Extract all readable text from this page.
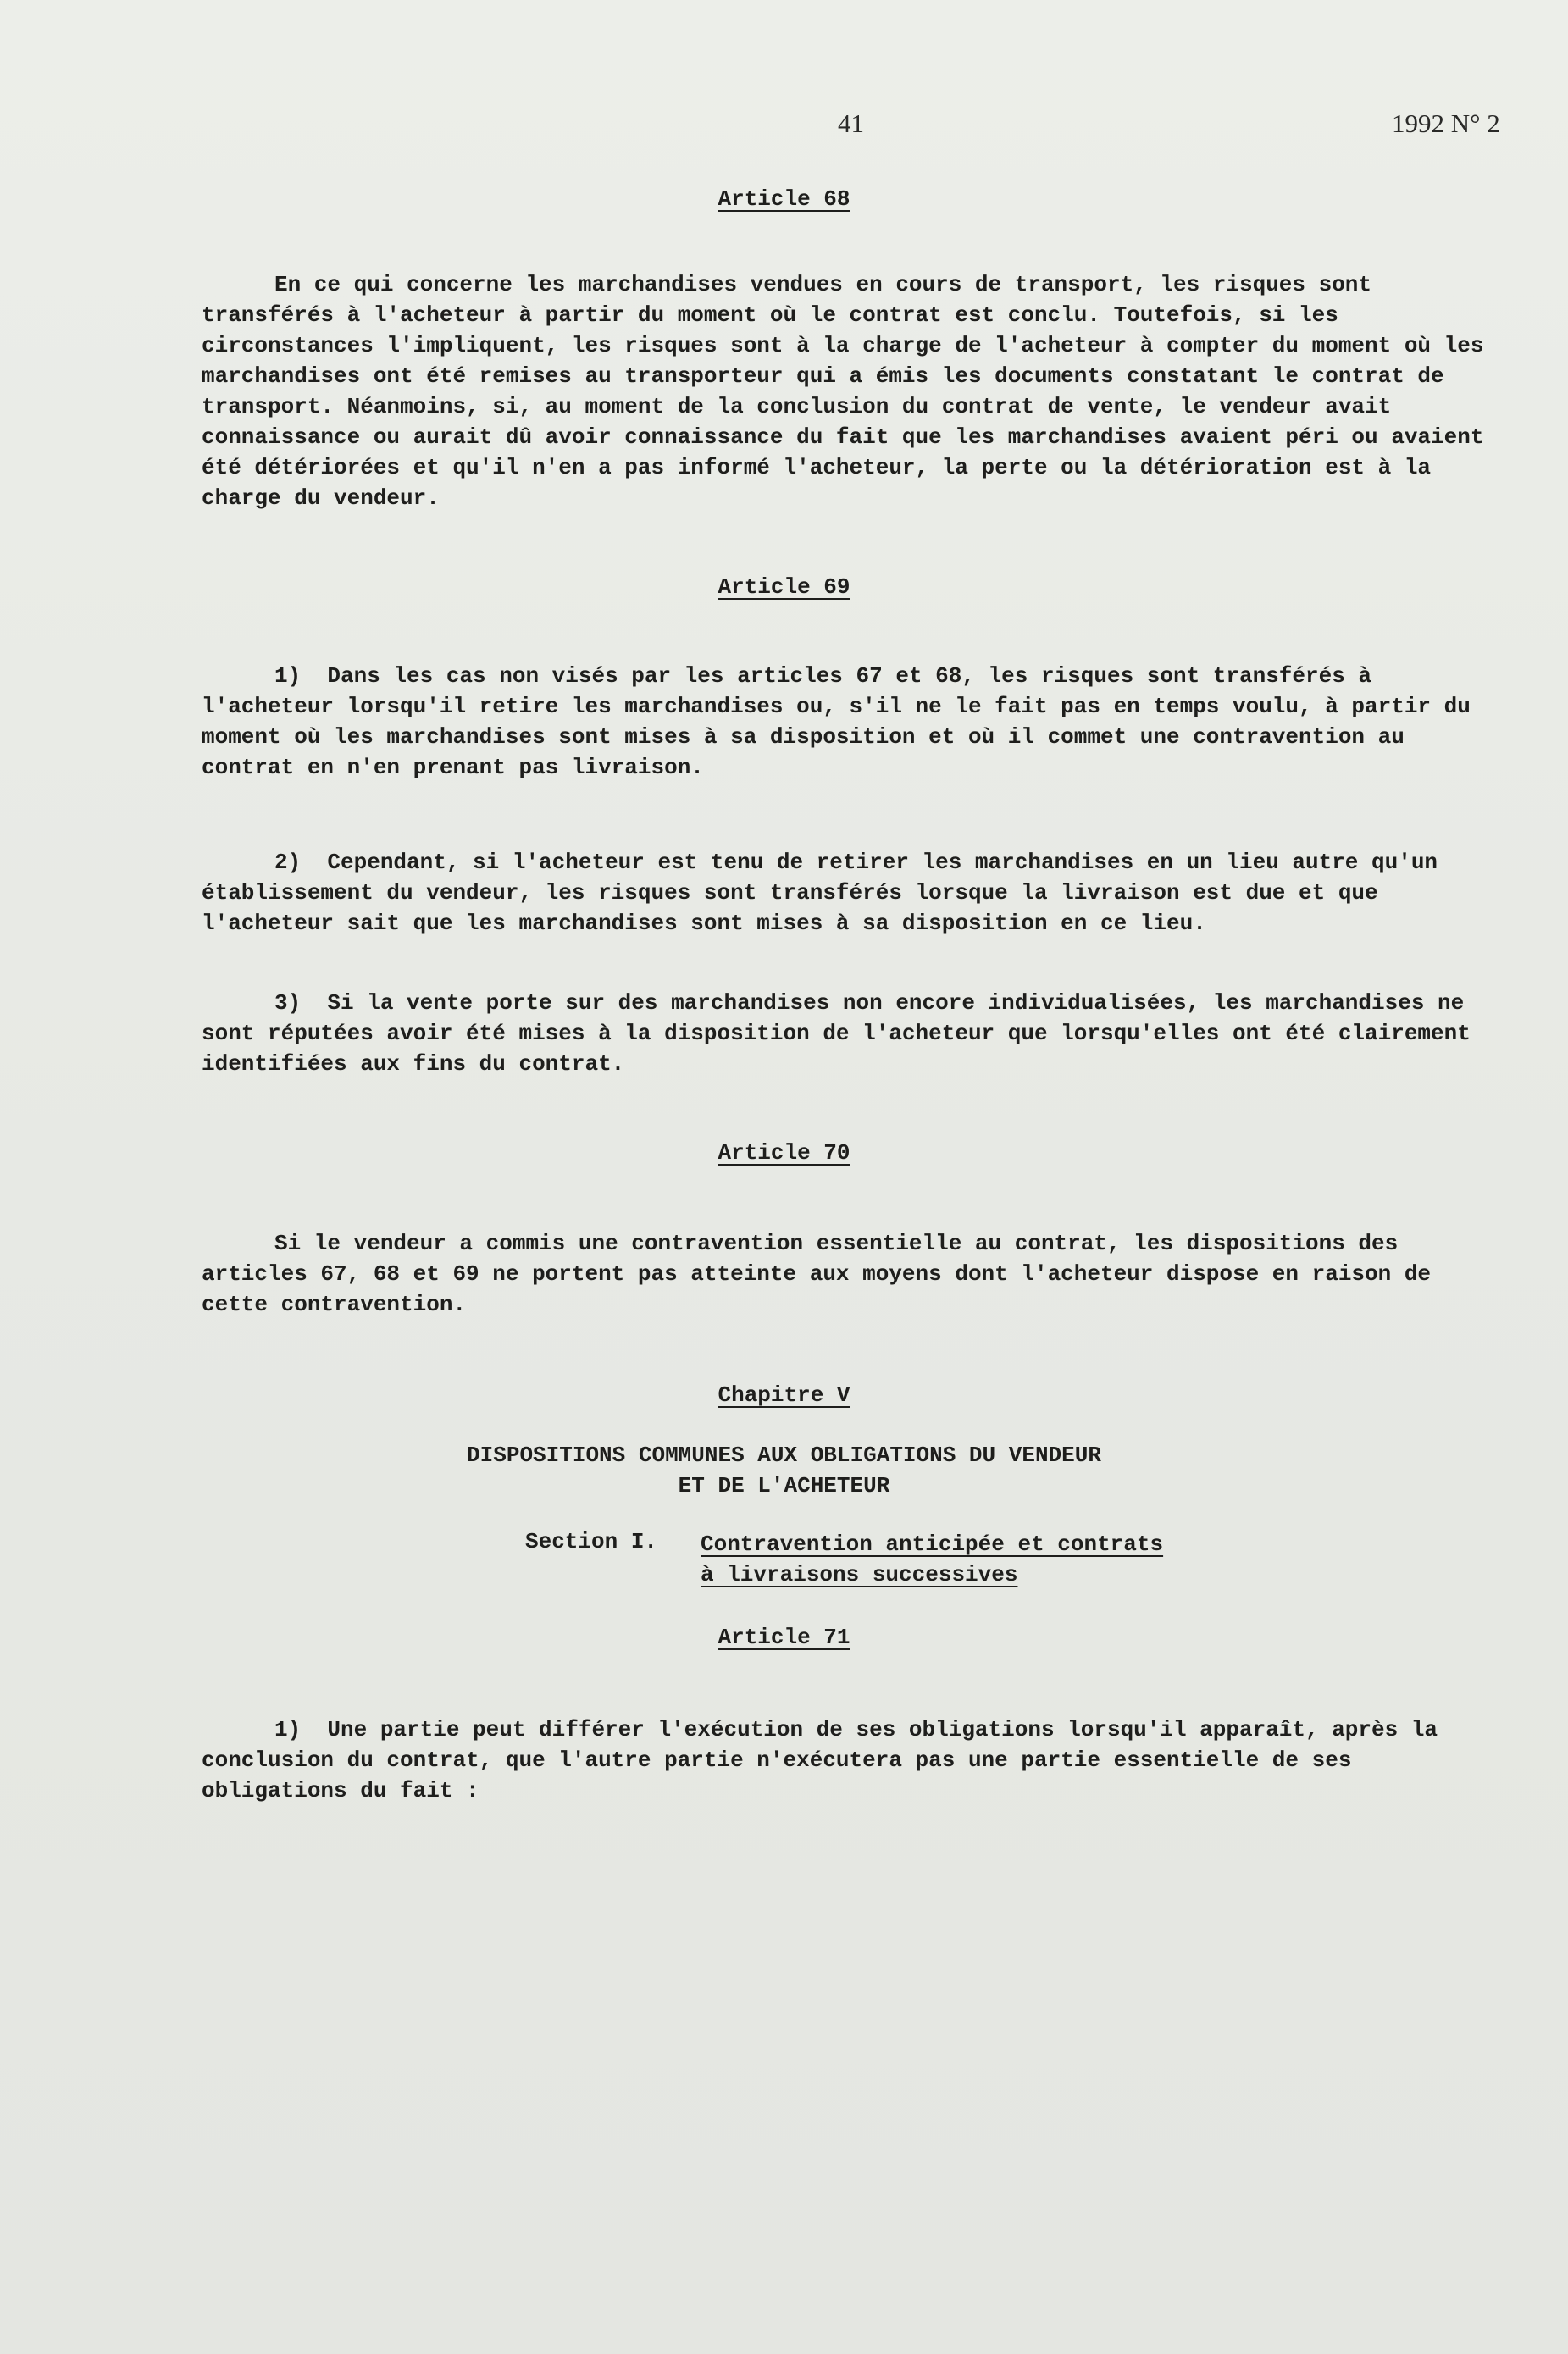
41	1992 N° 2
Article 68
En ce qui concerne les marchandises vendues en cours de transport, les risques sont transférés à l'acheteur à partir du moment où le contrat est conclu. Toutefois, si les circonstances l'impliquent, les risques sont à la charge de l'acheteur à compter du moment où les marchandises ont été remises au transporteur qui a émis les documents constatant le contrat de transport. Néanmoins, si, au moment de la conclusion du contrat de vente, le vendeur avait connaissance ou aurait dû avoir connaissance du fait que les marchandises avaient péri ou avaient été détériorées et qu'il n'en a pas informé l'acheteur, la perte ou la détérioration est à la charge du vendeur.
Article 69
1)  Dans les cas non visés par les articles 67 et 68, les risques sont transférés à l'acheteur lorsqu'il retire les marchandises ou, s'il ne le fait pas en temps voulu, à partir du moment où les marchandises sont mises à sa disposition et où il commet une contravention au contrat en n'en prenant pas livraison.
2)  Cependant, si l'acheteur est tenu de retirer les marchandises en un lieu autre qu'un établissement du vendeur, les risques sont transférés lorsque la livraison est due et que l'acheteur sait que les marchandises sont mises à sa disposition en ce lieu.
3)  Si la vente porte sur des marchandises non encore individualisées, les marchandises ne sont réputées avoir été mises à la disposition de l'acheteur que lorsqu'elles ont été clairement identifiées aux fins du contrat.
Article 70
Si le vendeur a commis une contravention essentielle au contrat, les dispositions des articles 67, 68 et 69 ne portent pas atteinte aux moyens dont l'acheteur dispose en raison de cette contravention.
Chapitre V
DISPOSITIONS COMMUNES AUX OBLIGATIONS DU VENDEUR
ET DE L'ACHETEUR
Section I. Contravention anticipée et contrats
à livraisons successives
Article 71
1)  Une partie peut différer l'exécution de ses obligations lorsqu'il apparaît, après la conclusion du contrat, que l'autre partie n'exécutera pas une partie essentielle de ses obligations du fait :
